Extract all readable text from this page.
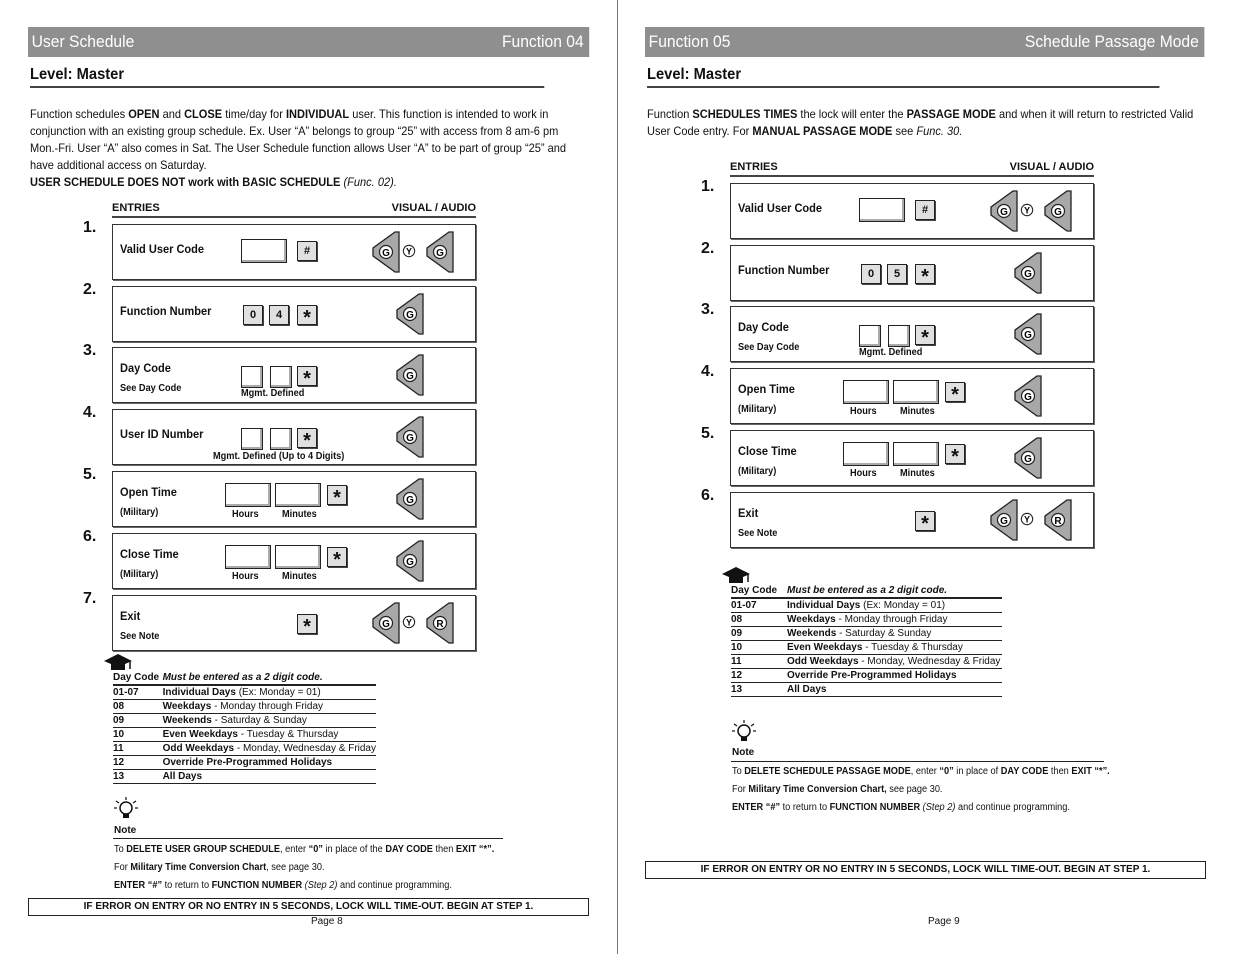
User Schedule	Function 04
Level: Master
Function schedules OPEN and CLOSE time/day for INDIVIDUAL user. This function is intended to work in conjunction with an existing group schedule. Ex. User “A” belongs to group “25” with access from 8 am-6 pm Mon.-Fri. User “A” also comes in Sat. The User Schedule function allows User “A” to be part of group “25” and have additional access on Saturday.
USER SCHEDULE DOES NOT work with BASIC SCHEDULE (Func. 02).
ENTRIES	VISUAL / AUDIO
1.
Valid User Code	#	G Y G
2.
Function Number	0	4	*	G
3.
Day Code
See Day Code	*
Mgmt. Defined
G
4.
User ID Number	*
Mgmt. Defined (Up to 4 Digits)
G
5.
Open Time
(Military)
*
Hours Minutes
G
6.
Close Time
(Military)
*
Hours Minutes
G
7.
Exit
See Note	*	G Y R
Day Code	Must be entered as a 2 digit code.
01-07	Individual Days (Ex: Monday = 01)
08	Weekdays - Monday through Friday
09	Weekends - Saturday & Sunday
10	Even Weekdays - Tuesday & Thursday
11	Odd Weekdays - Monday, Wednesday & Friday
12	Override Pre-Programmed Holidays
13	All Days
Note
To DELETE USER GROUP SCHEDULE, enter “0” in place of the DAY CODE then EXIT “*”.
For Military Time Conversion Chart, see page 30.
ENTER “#” to return to FUNCTION NUMBER (Step 2) and continue programming.
IF ERROR ON ENTRY OR NO ENTRY IN 5 SECONDS, LOCK WILL TIME-OUT. BEGIN AT STEP 1.
Page 8
Function 05	Schedule Passage Mode
Level: Master
Function SCHEDULES TIMES the lock will enter the PASSAGE MODE and when it will return to restricted Valid User Code entry. For MANUAL PASSAGE MODE see Func. 30.
ENTRIES	VISUAL / AUDIO
1.
Valid User Code	#	G Y G
2.
Function Number	0	5	*	G
3.
Day Code
See Day Code	*
Mgmt. Defined
G
4.
Open Time
(Military)
*
Hours Minutes
G
5.
Close Time
(Military)
*
Hours Minutes
G
6.
Exit
See Note	*	G Y R
Day Code	Must be entered as a 2 digit code.
01-07	Individual Days (Ex: Monday = 01)
08	Weekdays - Monday through Friday
09	Weekends - Saturday & Sunday
10	Even Weekdays - Tuesday & Thursday
11	Odd Weekdays - Monday, Wednesday & Friday
12	Override Pre-Programmed Holidays
13	All Days
Note
To DELETE SCHEDULE PASSAGE MODE, enter “0” in place of DAY CODE then EXIT “*”.
For Military Time Conversion Chart, see page 30.
ENTER “#” to return to FUNCTION NUMBER (Step 2) and continue programming.
IF ERROR ON ENTRY OR NO ENTRY IN 5 SECONDS, LOCK WILL TIME-OUT. BEGIN AT STEP 1.
Page 9
